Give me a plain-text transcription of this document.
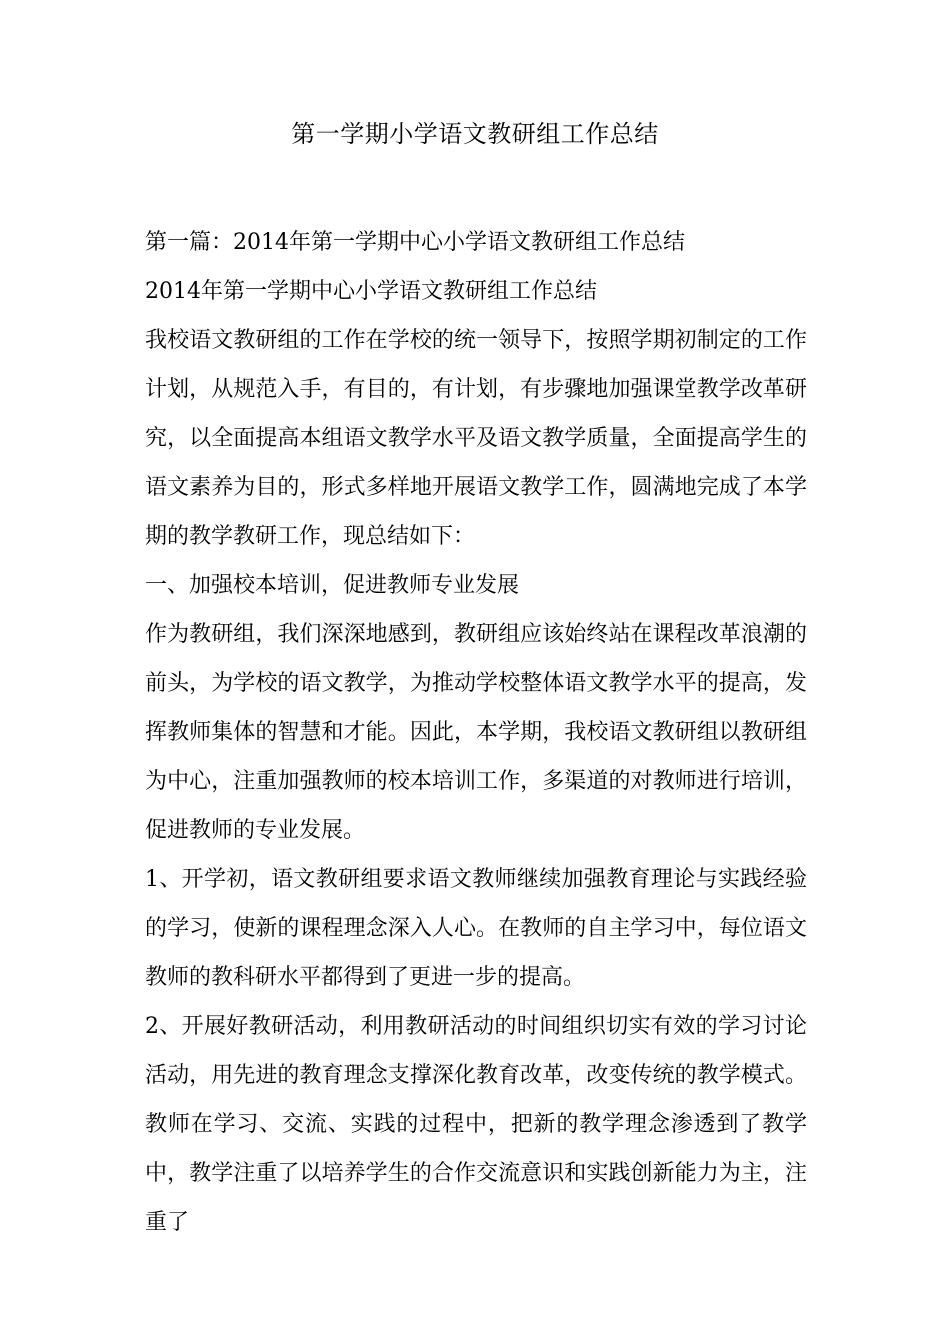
第一学期小学语文教研组工作总结

第一篇：2014年第一学期中心小学语文教研组工作总结

2014年第一学期中心小学语文教研组工作总结

我校语文教研组的工作在学校的统一领导下，按照学期初制定的工作计划，从规范入手，有目的，有计划，有步骤地加强课堂教学改革研究，以全面提高本组语文教学水平及语文教学质量，全面提高学生的语文素养为目的，形式多样地开展语文教学工作，圆满地完成了本学期的教学教研工作，现总结如下：

一、加强校本培训，促进教师专业发展

作为教研组，我们深深地感到，教研组应该始终站在课程改革浪潮的前头，为学校的语文教学，为推动学校整体语文教学水平的提高，发挥教师集体的智慧和才能。因此，本学期，我校语文教研组以教研组为中心，注重加强教师的校本培训工作，多渠道的对教师进行培训，促进教师的专业发展。

1、开学初，语文教研组要求语文教师继续加强教育理论与实践经验的学习，使新的课程理念深入人心。在教师的自主学习中，每位语文教师的教科研水平都得到了更进一步的提高。

2、开展好教研活动，利用教研活动的时间组织切实有效的学习讨论活动，用先进的教育理念支撑深化教育改革，改变传统的教学模式。教师在学习、交流、实践的过程中，把新的教学理念渗透到了教学中，教学注重了以培养学生的合作交流意识和实践创新能力为主，注重了
